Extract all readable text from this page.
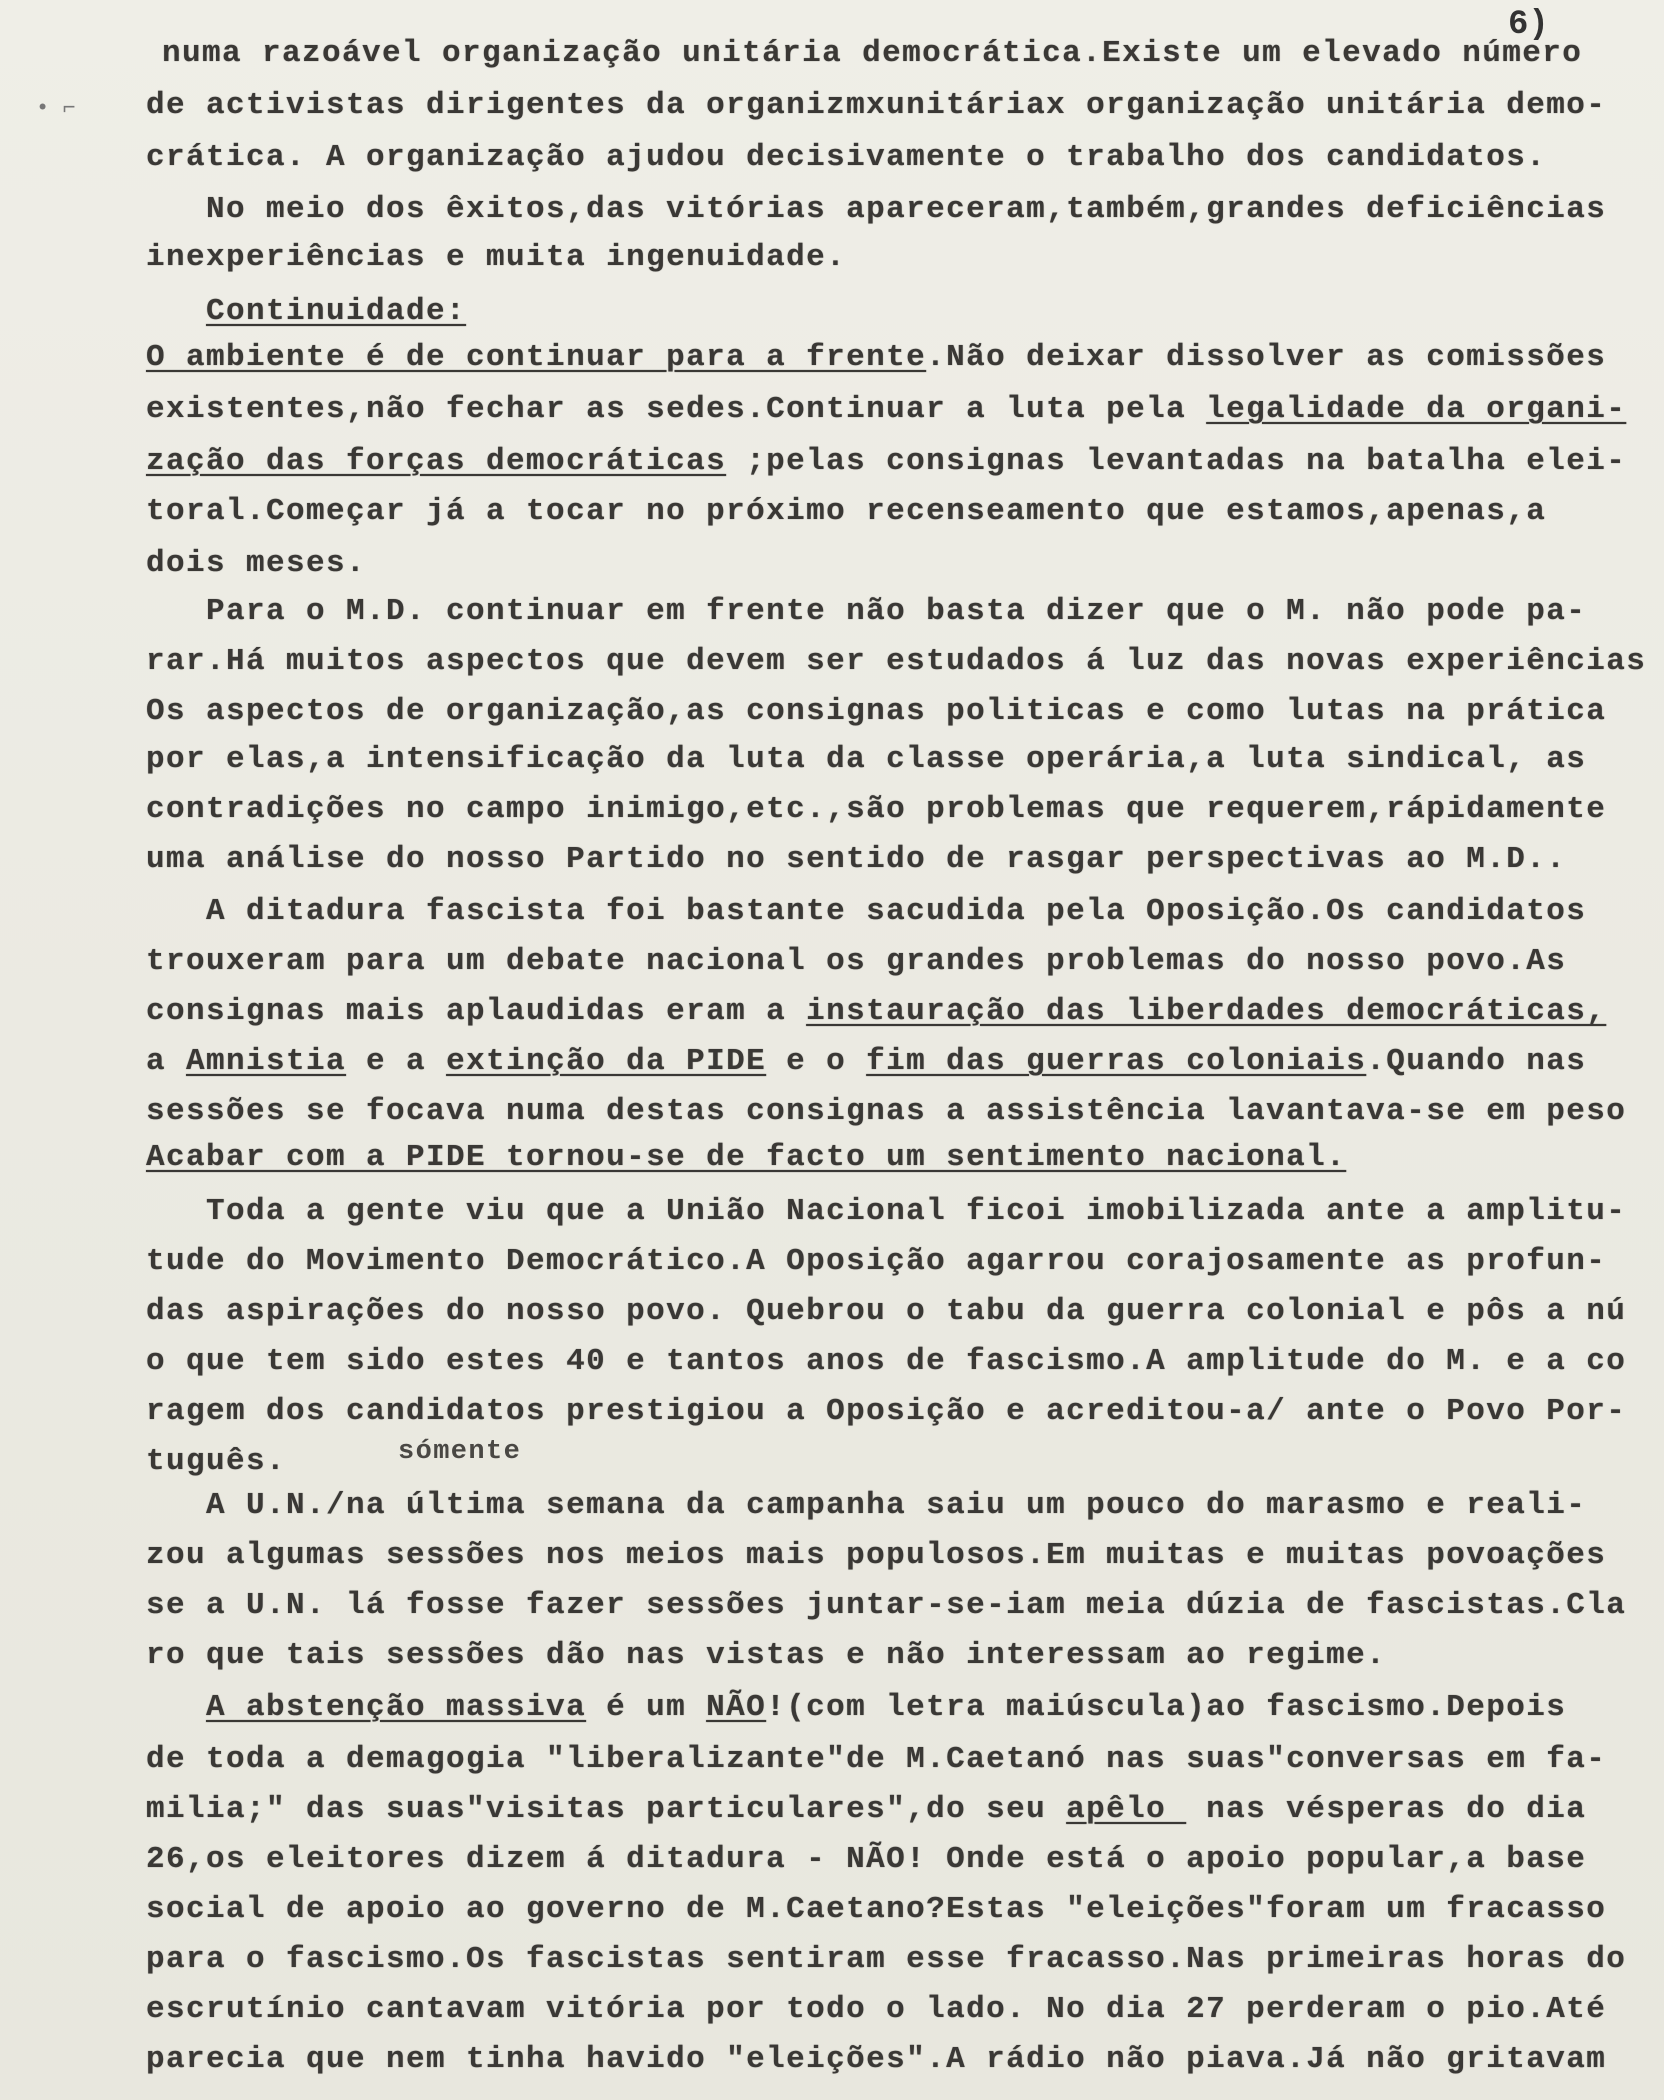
6)
• ⌐
numa razoável organização unitária democrática.Existe um elevado número
de activistas dirigentes da organizmxunitáriax organização unitária demo-
crática. A organização ajudou decisivamente o trabalho dos candidatos.
No meio dos êxitos,das vitórias apareceram,também,grandes deficiências
inexperiências e muita ingenuidade.
Continuidade:
O ambiente é de continuar para a frente.Não deixar dissolver as comissões
existentes,não fechar as sedes.Continuar a luta pela legalidade da organi-
zação das forças democráticas ;pelas consignas levantadas na batalha elei-
toral.Começar já a tocar no próximo recenseamento que estamos,apenas,a
dois meses.
Para o M.D. continuar em frente não basta dizer que o M. não pode pa-
rar.Há muitos aspectos que devem ser estudados á luz das novas experiências
Os aspectos de organização,as consignas politicas e como lutas na prática
por elas,a intensificação da luta da classe operária,a luta sindical, as
contradições no campo inimigo,etc.,são problemas que requerem,rápidamente
uma análise do nosso Partido no sentido de rasgar perspectivas ao M.D..
A ditadura fascista foi bastante sacudida pela Oposição.Os candidatos
trouxeram para um debate nacional os grandes problemas do nosso povo.As
consignas mais aplaudidas eram a instauração das liberdades democráticas,
a Amnistia e a extinção da PIDE e o fim das guerras coloniais.Quando nas
sessões se focava numa destas consignas a assistência lavantava-se em peso
Acabar com a PIDE tornou-se de facto um sentimento nacional.
Toda a gente viu que a União Nacional ficoi imobilizada ante a amplitu-
tude do Movimento Democrático.A Oposição agarrou corajosamente as profun-
das aspirações do nosso povo. Quebrou o tabu da guerra colonial e pôs a nú
o que tem sido estes 40 e tantos anos de fascismo.A amplitude do M. e a co
ragem dos candidatos prestigiou a Oposição e acreditou-a/ ante o Povo Por-
tuguês.
A U.N./na última semana da campanha saiu um pouco do marasmo e reali-
zou algumas sessões nos meios mais populosos.Em muitas e muitas povoações
se a U.N. lá fosse fazer sessões juntar-se-iam meia dúzia de fascistas.Cla
ro que tais sessões dão nas vistas e não interessam ao regime.
A abstenção massiva é um NÃO!(com letra maiúscula)ao fascismo.Depois
de toda a demagogia "liberalizante"de M.Caetanó nas suas"conversas em fa-
milia;" das suas"visitas particulares",do seu apêlo  nas vésperas do dia
26,os eleitores dizem á ditadura - NÃO! Onde está o apoio popular,a base
social de apoio ao governo de M.Caetano?Estas "eleições"foram um fracasso
para o fascismo.Os fascistas sentiram esse fracasso.Nas primeiras horas do
escrutínio cantavam vitória por todo o lado. No dia 27 perderam o pio.Até
parecia que nem tinha havido "eleições".A rádio não piava.Já não gritavam
sómente
